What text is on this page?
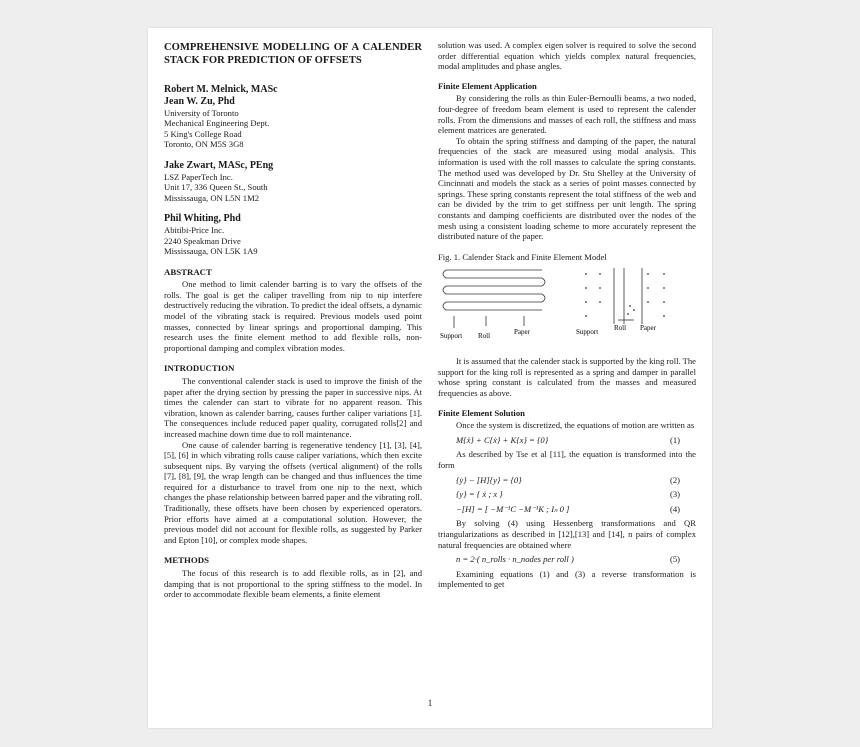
COMPREHENSIVE MODELLING OF A CALENDER STACK FOR PREDICTION OF OFFSETS
Robert M. Melnick, MASc
Jean W. Zu, Phd
University of Toronto
Mechanical Engineering Dept.
5 King's College Road
Toronto, ON M5S 3G8
Jake Zwart, MASc, PEng
LSZ PaperTech Inc.
Unit 17, 336 Queen St., South
Mississauga, ON L5N 1M2
Phil Whiting, Phd
Abitibi-Price Inc.
2240 Speakman Drive
Mississauga, ON L5K 1A9
ABSTRACT

One method to limit calender barring is to vary the offsets of the rolls. The goal is get the caliper travelling from nip to nip interfere destructively reducing the vibration. To predict the ideal offsets, a dynamic model of the vibrating stack is required. Previous models used point masses, connected by linear springs and proportional damping. This research uses the finite element method to add flexible rolls, non-proportional damping and complex vibration modes.

INTRODUCTION

The conventional calender stack is used to improve the finish of the paper after the drying section by pressing the paper in successive nips. At times the calender can start to vibrate for no apparent reason. This vibration, known as calender barring, causes further caliper variations [1]. The consequences include reduced paper quality, corrugated rolls[2] and increased machine down time due to roll maintenance.

One cause of calender barring is regenerative tendency [1], [3], [4], [5], [6] in which vibrating rolls cause caliper variations, which then excite subsequent nips. By varying the offsets (vertical alignment) of the rolls [7], [8], [9], the wrap length can be changed and thus influences the time required for a disturbance to travel from one nip to the next, which changes the phase relationship between barred paper and the vibrating roll. Traditionally, these offsets have been chosen by experienced operators. Prior efforts have aimed at a computational solution. However, the previous model did not account for flexible rolls, as suggested by Parker and Epton [10], or complex mode shapes.

METHODS

The focus of this research is to add flexible rolls, as in [2], and damping that is not proportional to the spring stiffness to the model. In order to accommodate flexible beam elements, a finite element

solution was used. A complex eigen solver is required to solve the second order differential equation which yields complex natural frequencies, modal amplitudes and phase angles.

Finite Element Application

By considering the rolls as thin Euler-Bernoulli beams, a two noded, four-degree of freedom beam element is used to represent the calender rolls. From the dimensions and masses of each roll, the stiffness and mass element matrices are generated.

To obtain the spring stiffness and damping of the paper, the natural frequencies of the stack are measured using modal analysis. This information is used with the roll masses to calculate the spring constants. The method used was developed by Dr. Stu Shelley at the University of Cincinnati and models the stack as a series of point masses connected by springs. These spring constants represent the total stiffness of the web and can be divided by the trim to get stiffness per unit length. The spring constants and damping coefficients are distributed over the nodes of the mesh using a consistent loading scheme to more accurately represent the distributed nature of the paper.

Fig. 1. Calender Stack and Finite Element Model

Support Roll	Paper	Support Roll Paper

It is assumed that the calender stack is supported by the king roll. The support for the king roll is represented as a spring and damper in parallel whose spring constant is calculated from the masses and measured frequencies as above.

Finite Element Solution

Once the system is discretized, the equations of motion are written as

M{ẍ} + C{ẋ} + K{x} = {0}	(1)

As described by Tse et al [11], the equation is transformed into the form

{ẏ} − [H]{y} = {0}	(2)
{y} = { ẋ ; x }	(3)
−[H] = [ −M⁻¹C −M⁻¹K ; Iₙ 0 ]	(4)

By solving (4) using Hessenberg transformations and QR triangularizations as described in [12],[13] and [14], n pairs of complex natural frequencies are obtained where

n = 2·( n_rolls · n_nodes per roll )	(5)

Examining equations (1) and (3) a reverse transformation is implemented to get

1
